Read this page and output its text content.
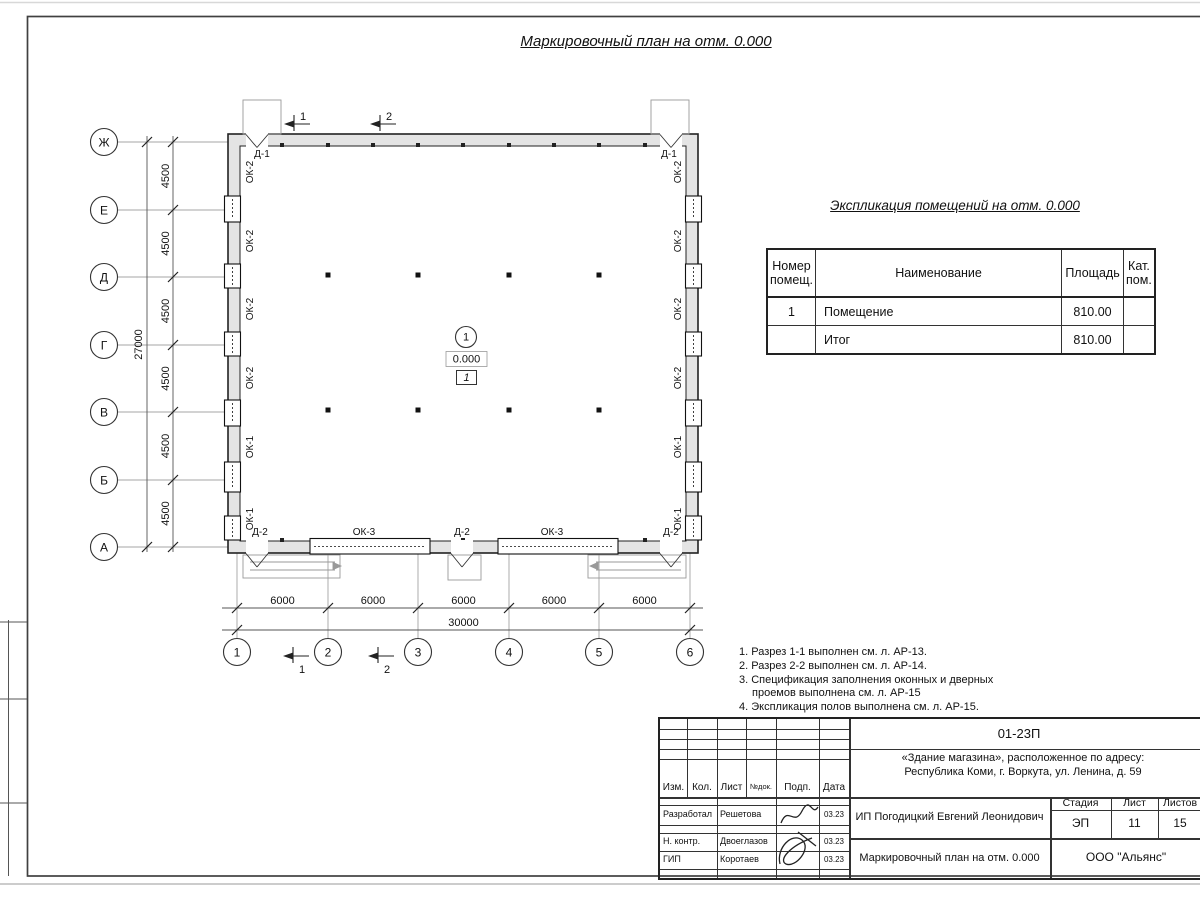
Ж
Е
Д
Г
В
Б
А
4500
4500
4500
4500
4500
4500
27000
1	2	3	4	5	6
6000	6000	6000	6000	6000
30000
ОК-2
ОК-2
ОК-2
ОК-2
ОК-1
ОК-1
ОК-2
ОК-2
ОК-2
ОК-2
ОК-1
ОК-1
Д-1	Д-1
Д-2	ОК-3	Д-2	ОК-3	Д-2
1	2
1	2
1
0.000
1
Маркировочный план на отм. 0.000
Экспликация помещений на отм. 0.000
Номер помещ.	Наименование	Площадь	Кат. пом.
1	Помещение	810.00	
	Итог	810.00	
1. Разрез 1-1 выполнен см. л. АР-13.
2. Разрез 2-2 выполнен см. л. АР-14.
3. Спецификация заполнения оконных и дверных
проемов выполнена см. л. АР-15
4. Экспликация полов выполнена см. л. АР-15.
Изм. Кол. Лист	№док.	Подп.	Дата
Разработал Решетова	03.23
Н. контр. Двоеглазов	03.23
ГИП	Коротаев	03.23
01-23П
«Здание магазина», расположенное по адресу:
Республика Коми, г. Воркута, ул. Ленина, д. 59
ИП Погодицкий Евгений Леонидович
Стадия	Лист	Листов
ЭП	11	15
Маркировочный план на отм. 0.000	ООО "Альянс"
